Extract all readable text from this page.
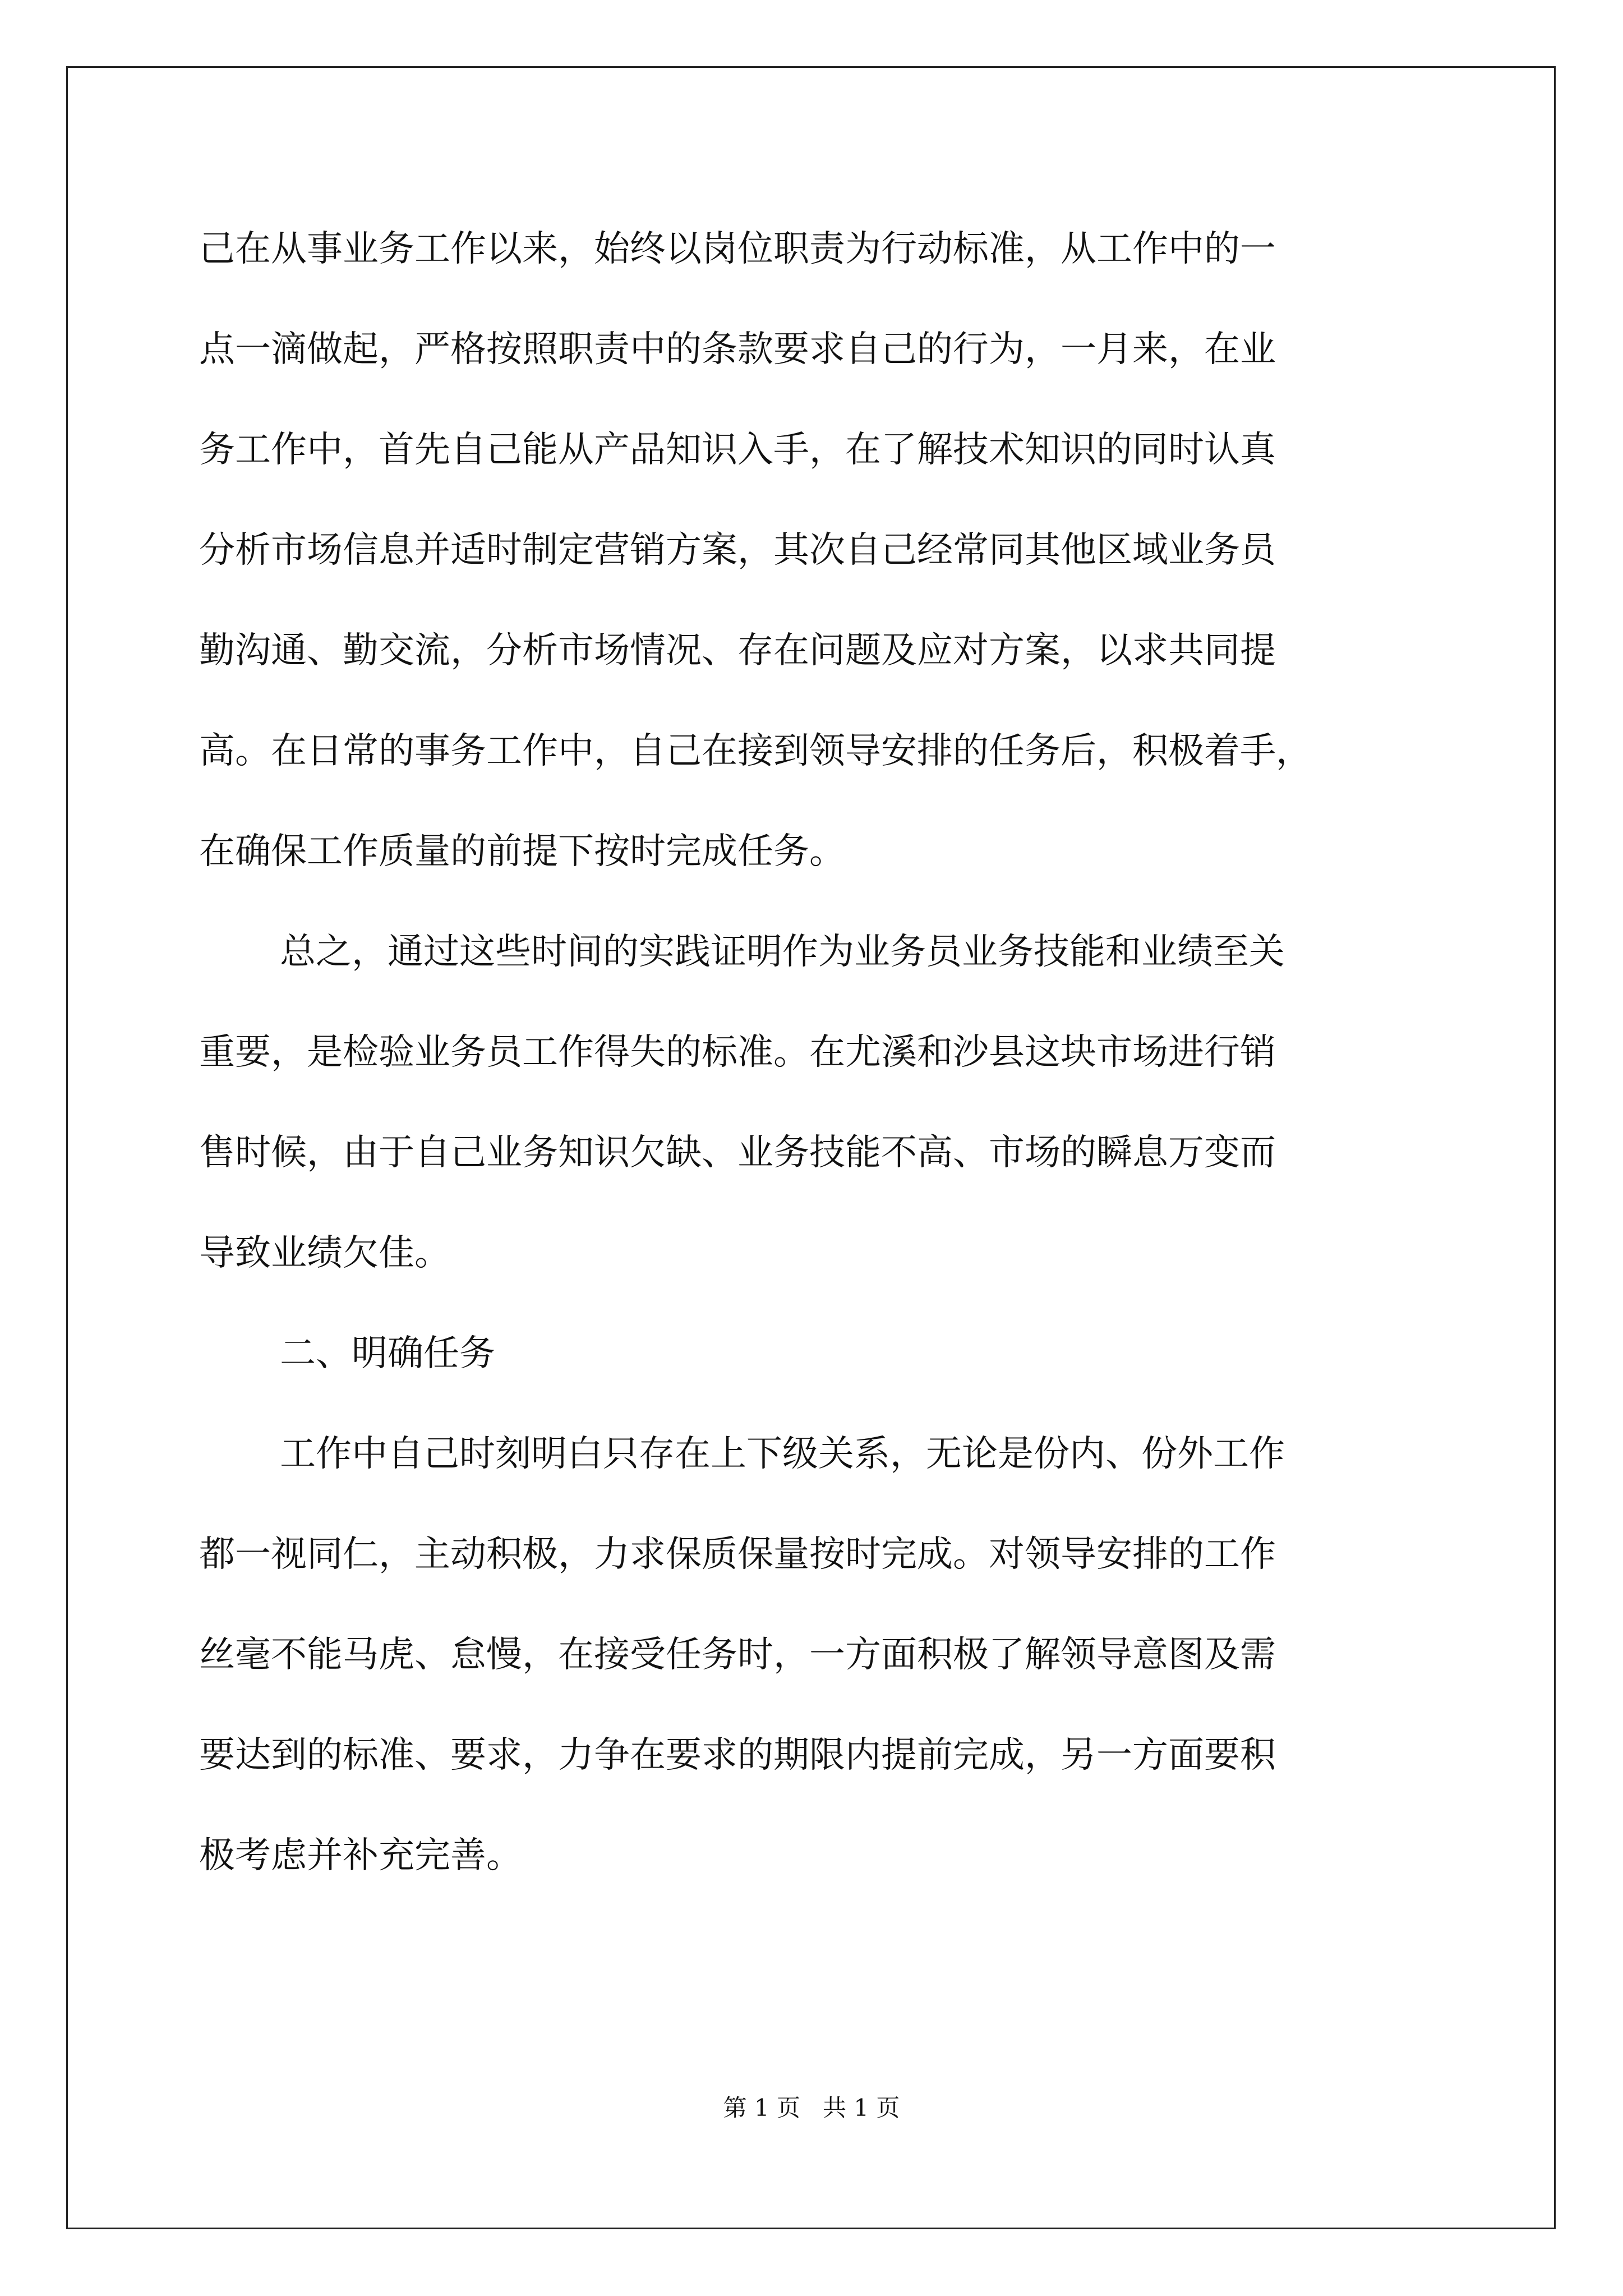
己在从事业务工作以来，始终以岗位职责为行动标准，从工作中的一
点一滴做起，严格按照职责中的条款要求自己的行为，一月来，在业
务工作中，首先自己能从产品知识入手，在了解技术知识的同时认真
分析市场信息并适时制定营销方案，其次自己经常同其他区域业务员
勤沟通、勤交流，分析市场情况、存在问题及应对方案，以求共同提
高。在日常的事务工作中，自己在接到领导安排的任务后，积极着手，
在确保工作质量的前提下按时完成任务。
总之，通过这些时间的实践证明作为业务员业务技能和业绩至关
重要，是检验业务员工作得失的标准。在尤溪和沙县这块市场进行销
售时候，由于自己业务知识欠缺、业务技能不高、市场的瞬息万变而
导致业绩欠佳。
二、明确任务
工作中自己时刻明白只存在上下级关系，无论是份内、份外工作
都一视同仁，主动积极，力求保质保量按时完成。对领导安排的工作
丝毫不能马虎、怠慢，在接受任务时，一方面积极了解领导意图及需
要达到的标准、要求，力争在要求的期限内提前完成，另一方面要积
极考虑并补充完善。
第 1 页 共 1 页
